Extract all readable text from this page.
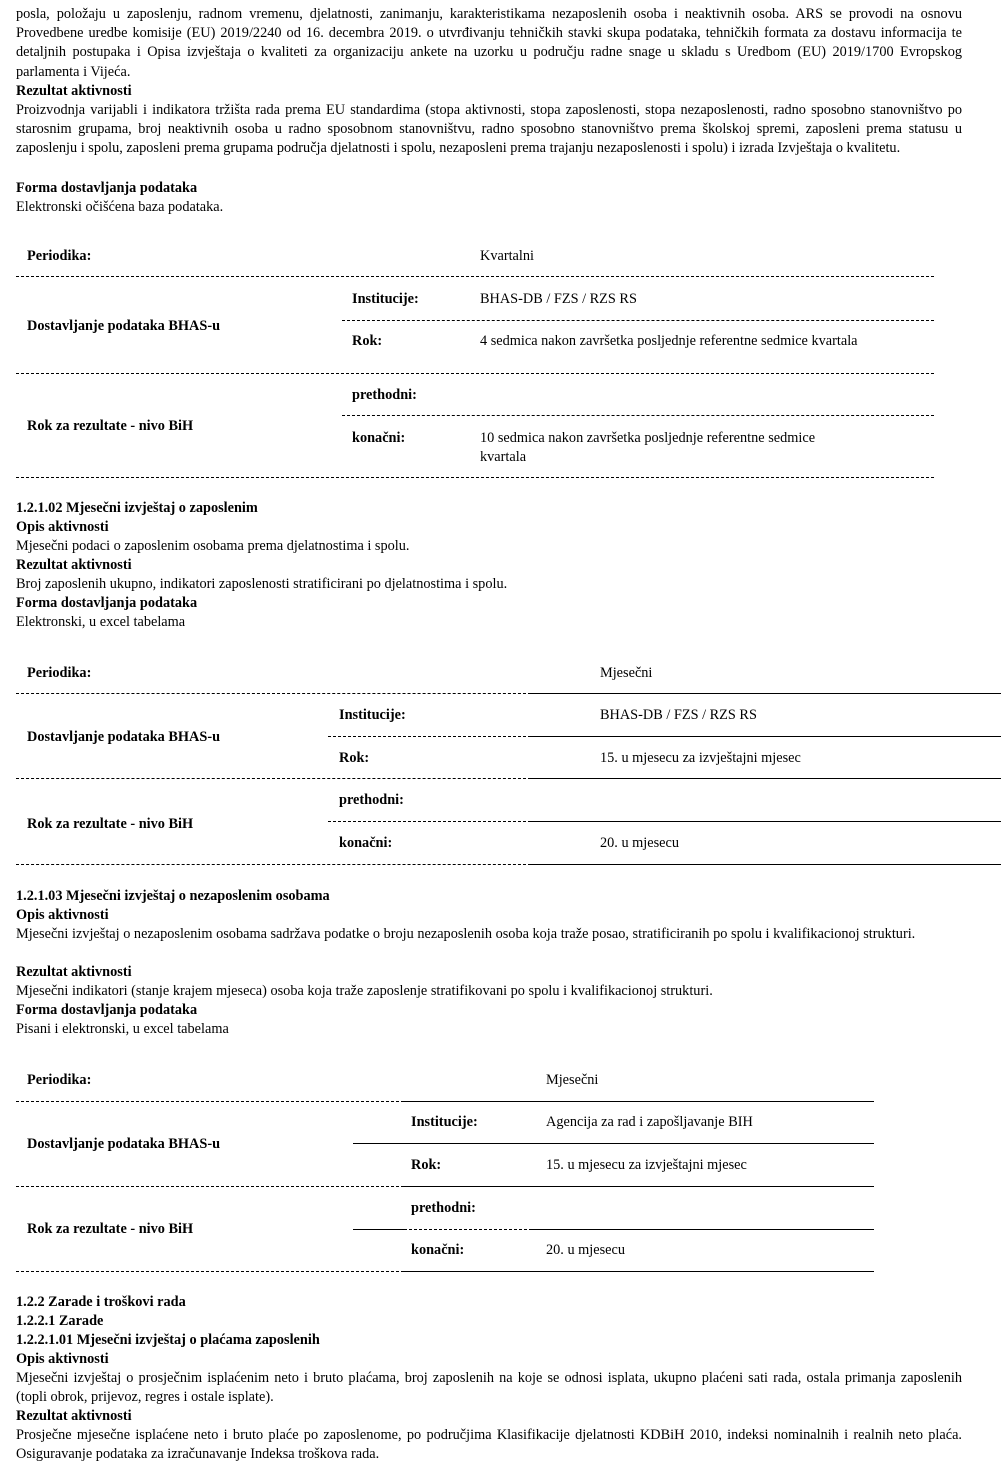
posla, položaju u zaposlenju, radnom vremenu, djelatnosti, zanimanju, karakteristikama nezaposlenih osoba i neaktivnih osoba. ARS se provodi na osnovu Provedbene uredbe komisije (EU) 2019/2240 od 16. decembra 2019. o utvrđivanju tehničkih stavki skupa podataka, tehničkih formata za dostavu informacija te detaljnih postupaka i Opisa izvještaja o kvaliteti za organizaciju ankete na uzorku u području radne snage u skladu s Uredbom (EU) 2019/1700 Evropskog parlamenta i Vijeća.
Rezultat aktivnosti
Proizvodnja varijabli i indikatora tržišta rada prema EU standardima (stopa aktivnosti, stopa zaposlenosti, stopa nezaposlenosti, radno sposobno stanovništvo po starosnim grupama, broj neaktivnih osoba u radno sposobnom stanovništvu, radno sposobno stanovništvo prema školskoj spremi, zaposleni prema statusu u zaposlenju i spolu, zaposleni prema grupama područja djelatnosti i spolu, nezaposleni prema trajanju nezaposlenosti i spolu) i izrada Izvještaja o kvalitetu.
Forma dostavljanja podataka
Elektronski očišćena baza podataka.
Periodika:	Kvartalni
Dostavljanje podataka BHAS-u
Institucije:	BHAS-DB / FZS / RZS RS
Rok:	4 sedmica nakon završetka posljednje referentne sedmice kvartala
Rok za rezultate - nivo BiH
prethodni:
konačni:	10 sedmica nakon završetka posljednje referentne sedmice
kvartala
1.2.1.02 Mjesečni izvještaj o zaposlenim
Opis aktivnosti
Mjesečni podaci o zaposlenim osobama prema djelatnostima i spolu.
Rezultat aktivnosti
Broj zaposlenih ukupno, indikatori zaposlenosti stratificirani po djelatnostima i spolu.
Forma dostavljanja podataka
Elektronski, u excel tabelama
Periodika:	Mjesečni
Dostavljanje podataka BHAS-u
Institucije:	BHAS-DB / FZS / RZS RS
Rok:	15. u mjesecu za izvještajni mjesec
Rok za rezultate - nivo BiH
prethodni:
konačni:	20. u mjesecu
1.2.1.03 Mjesečni izvještaj o nezaposlenim osobama
Opis aktivnosti
Mjesečni izvještaj o nezaposlenim osobama sadržava podatke o broju nezaposlenih osoba koja traže posao, stratificiranih po spolu i kvalifikacionoj strukturi.
Rezultat aktivnosti
Mjesečni indikatori (stanje krajem mjeseca) osoba koja traže zaposlenje stratifikovani po spolu i kvalifikacionoj strukturi.
Forma dostavljanja podataka
Pisani i elektronski, u excel tabelama
Periodika:	Mjesečni
Dostavljanje podataka BHAS-u
Institucije:	Agencija za rad i zapošljavanje BIH
Rok:	15. u mjesecu za izvještajni mjesec
Rok za rezultate - nivo BiH
prethodni:
konačni:	20. u mjesecu
1.2.2 Zarade i troškovi rada
1.2.2.1 Zarade
1.2.2.1.01 Mjesečni izvještaj o plaćama zaposlenih
Opis aktivnosti
Mjesečni izvještaj o prosječnim isplaćenim neto i bruto plaćama, broj zaposlenih na koje se odnosi isplata, ukupno plaćeni sati rada, ostala primanja zaposlenih (topli obrok, prijevoz, regres i ostale isplate).
Rezultat aktivnosti
Prosječne mjesečne isplaćene neto i bruto plaće po zaposlenome, po područjima Klasifikacije djelatnosti KDBiH 2010, indeksi nominalnih i realnih neto plaća. Osiguravanje podataka za izračunavanje Indeksa troškova rada.
